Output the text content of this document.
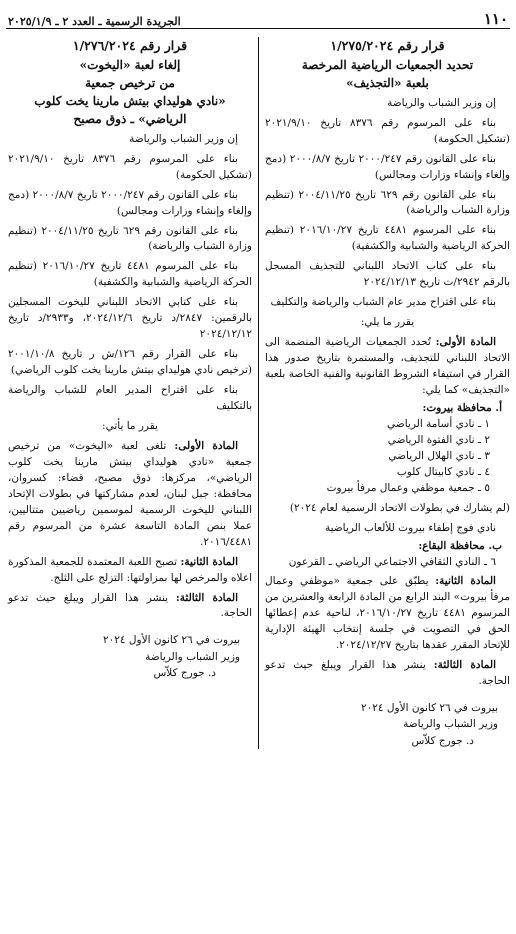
١١٠
الجريدة الرسمية ـ العدد ٢ ـ ٢٠٢٥/١/٩

قرار رقم ١/٢٧٥/٢٠٢٤

تحديد الجمعيات الرياضية المرخصة

بلعبة «التجذيف»

إن وزير الشباب والرياضة

بناء على المرسوم رقم ٨٣٧٦ تاريخ ٢٠٢١/٩/١٠ (تشكيل الحكومة)

بناء على القانون رقم ٢٠٠٠/٢٤٧ تاريخ ٢٠٠٠/٨/٧ (دمج وإلغاء وإنشاء وزارات ومجالس)

بناء على القانون رقم ٦٢٩ تاريخ ٢٠٠٤/١١/٢٥ (تنظيم وزارة الشباب والرياضة)

بناء على المرسوم ٤٤٨١ تاريخ ٢٠١٦/١٠/٢٧ (تنظيم الحركة الرياضية والشبابية والكشفية)

بناء على كتاب الاتحاد اللبناني للتجذيف المسجل بالرقم ٢٩٤٢/ت تاريخ ٢٠٢٤/١٢/١٣

بناء على اقتراح مدير عام الشباب والرياضة والتكليف

يقرر ما يلي:

المادة الأولى: تُحدد الجمعيات الرياضية المنضمة الى الاتحاد اللبناني للتجذيف، والمستمرة بتاريخ صدور هذا القرار في استيفاء الشروط القانونية والفنية الخاصة بلعبة «التجذيف» كما يلي:

أ. محافظة بيروت:

١ ـ نادي أسامة الرياضي
٢ ـ نادي الفتوة الرياضي
٣ ـ نادي الهلال الرياضي
٤ ـ نادي كابيتال كلوب
٥ ـ جمعية موظفي وعمال مرفأ بيروت

(لم يشارك في بطولات الاتحاد الرسمية لعام ٢٠٢٤)

نادي فوج إطفاء بيروت للألعاب الرياضية

ب. محافظة البقاع:

٦ ـ النادي الثقافي الاجتماعي الرياضي ـ القرعون

المادة الثانية: يطبّق على جمعية «موظفي وعمال مرفأ بيروت» البند الرابع من المادة الرابعة والعشرين من المرسوم ٤٤٨١ تاريخ ٢٠١٦/١٠/٢٧، لناحية عدم إعطائها الحق في التصويت في جلسة إنتخاب الهيئة الإدارية للإتحاد المقرر عقدها بتاريخ ٢٠٢٤/١٢/٢٧.

المادة الثالثة: ينشر هذا القرار ويبلغ حيث تدعو الحاجة.

بيروت في ٢٦ كانون الأول ٢٠٢٤
وزير الشباب والرياضة
د. جورج كلاّس

قرار رقم ١/٢٧٦/٢٠٢٤

إلغاء لعبة «اليخوت»

من ترخيص جمعية

«نادي هوليداي بيتش مارينا يخت كلوب

الرياضي» ـ ذوق مصبح

إن وزير الشباب والرياضة

بناء على المرسوم رقم ٨٣٧٦ تاريخ ٢٠٢١/٩/١٠ (تشكيل الحكومة)

بناء على القانون رقم ٢٠٠٠/٢٤٧ تاريخ ٢٠٠٠/٨/٧ (دمج وإلغاء وإنشاء وزارات ومجالس)

بناء على القانون رقم ٦٢٩ تاريخ ٢٠٠٤/١١/٢٥ (تنظيم وزارة الشباب والرياضة)

بناء على المرسوم ٤٤٨١ تاريخ ٢٠١٦/١٠/٢٧ (تنظيم الحركة الرياضية والشبابية والكشفية)

بناء على كتابي الاتحاد اللبناني لليخوت المسجلين بالرقمين: ٢٨٤٧/د تاريخ ٢٠٢٤/١٢/٦، و٢٩٣٣/د تاريخ ٢٠٢٤/١٢/١٢

بناء على القرار رقم ١٢٦/ش ر تاريخ ٢٠٠١/١٠/٨ (ترخيص نادي هوليداي بيتش مارينا يخت كلوب الرياضي)

بناء على اقتراح المدير العام للشباب والرياضة بالتكليف

يقرر ما يأتي:

المادة الأولى: تلغى لعبة «اليخوت» من ترخيص جمعية «نادي هوليداي بيتش مارينا يخت كلوب الرياضي»، مركزها: ذوق مصبح، قضاء: كسروان، محافظة: جبل لبنان، لعدم مشاركتها في بطولات الإتحاد اللبناني لليخوت الرسمية لموسمين رياضيين متتاليين، عملا بنص المادة التاسعة عشرة من المرسوم رقم ٢٠١٦/٤٤٨١.

المادة الثانية: تصبح اللعبة المعتمدة للجمعية المذكورة اعلاه والمرخص لها بمزاولتها: التزلج على الثلج.

المادة الثالثة: ينشر هذا القرار ويبلغ حيث تدعو الحاجة.

بيروت في ٢٦ كانون الأول ٢٠٢٤
وزير الشباب والرياضة
د. جورج كلاّس
